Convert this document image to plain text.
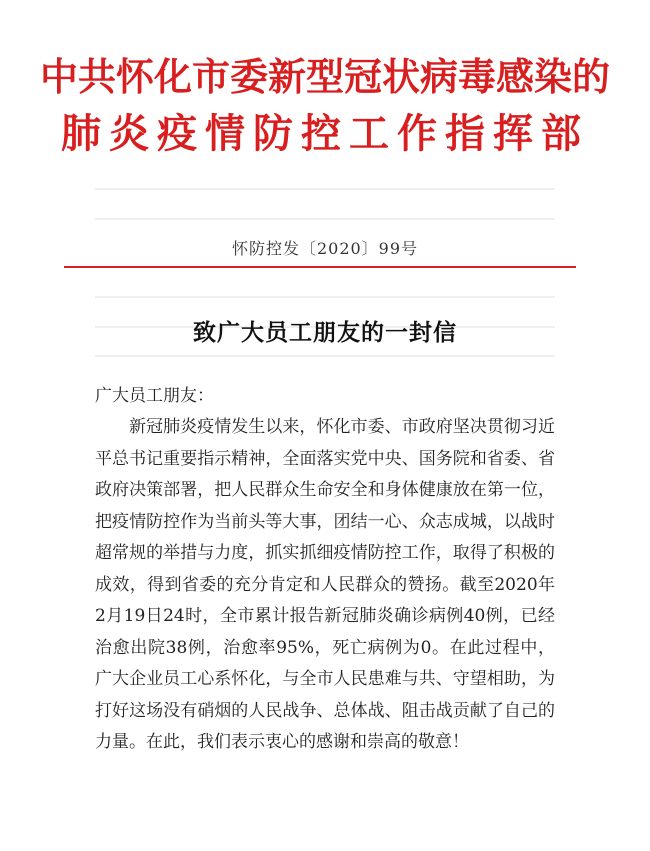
中共怀化市委新型冠状病毒感染的
肺炎疫情防控工作指挥部
怀防控发〔2020〕99号
致广大员工朋友的一封信
广大员工朋友：
新冠肺炎疫情发生以来，怀化市委、市政府坚决贯彻习近平总书记重要指示精神，全面落实党中央、国务院和省委、省政府决策部署，把人民群众生命安全和身体健康放在第一位，把疫情防控作为当前头等大事，团结一心、众志成城，以战时超常规的举措与力度，抓实抓细疫情防控工作，取得了积极的成效，得到省委的充分肯定和人民群众的赞扬。截至2020年2月19日24时，全市累计报告新冠肺炎确诊病例40例，已经治愈出院38例，治愈率95%，死亡病例为0。在此过程中，广大企业员工心系怀化，与全市人民患难与共、守望相助，为打好这场没有硝烟的人民战争、总体战、阻击战贡献了自己的力量。在此，我们表示衷心的感谢和崇高的敬意！
